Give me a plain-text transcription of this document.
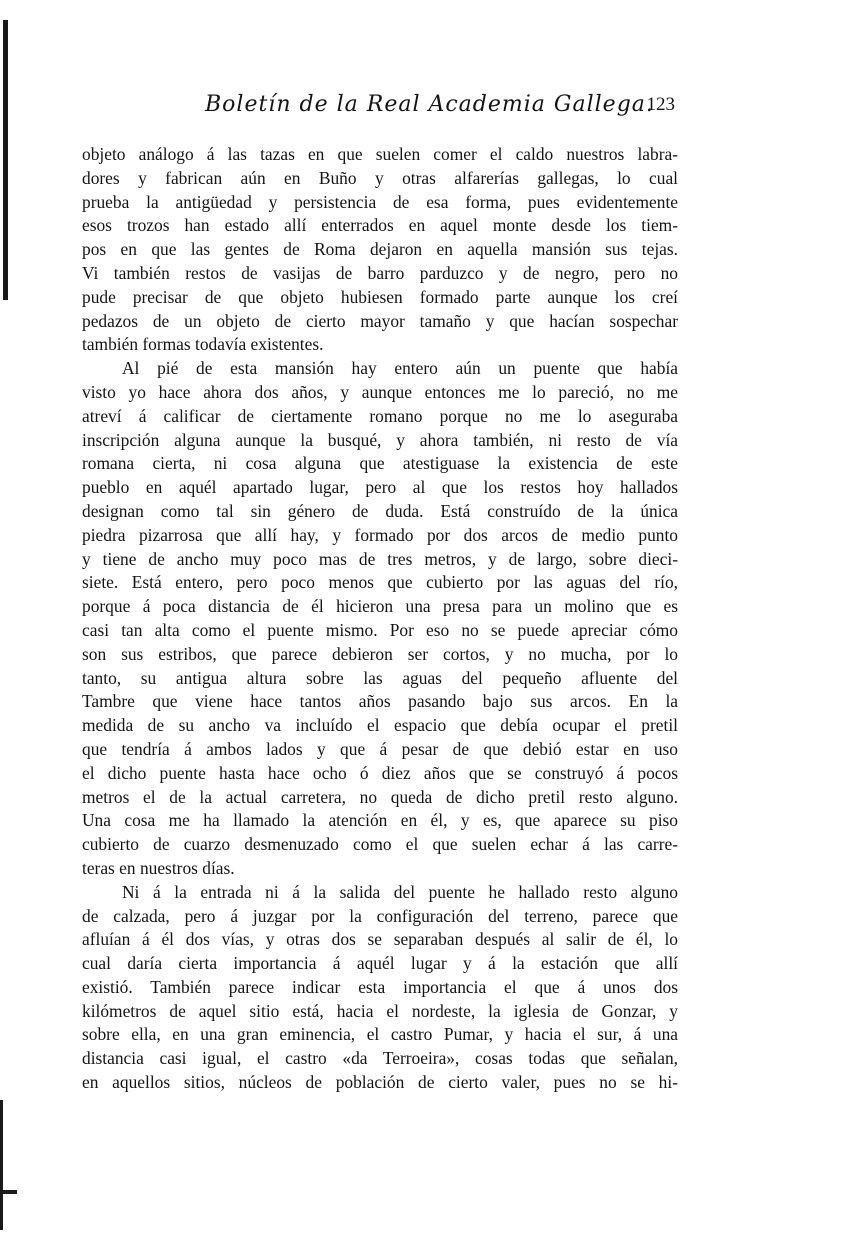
Boletín de la Real Academia Gallega.
123
objeto análogo á las tazas en que suelen comer el caldo nuestros labra-
dores y fabrican aún en Buño y otras alfarerías gallegas, lo cual
prueba la antigüedad y persistencia de esa forma, pues evidentemente
esos trozos han estado allí enterrados en aquel monte desde los tiem-
pos en que las gentes de Roma dejaron en aquella mansión sus tejas.
Vi también restos de vasijas de barro parduzco y de negro, pero no
pude precisar de que objeto hubiesen formado parte aunque los creí
pedazos de un objeto de cierto mayor tamaño y que hacían sospechar
también formas todavía existentes.
Al pié de esta mansión hay entero aún un puente que había
visto yo hace ahora dos años, y aunque entonces me lo pareció, no me
atreví á calificar de ciertamente romano porque no me lo aseguraba
inscripción alguna aunque la busqué, y ahora también, ni resto de vía
romana cierta, ni cosa alguna que atestiguase la existencia de este
pueblo en aquél apartado lugar, pero al que los restos hoy hallados
designan como tal sin género de duda. Está construído de la única
piedra pizarrosa que allí hay, y formado por dos arcos de medio punto
y tiene de ancho muy poco mas de tres metros, y de largo, sobre dieci-
siete. Está entero, pero poco menos que cubierto por las aguas del río,
porque á poca distancia de él hicieron una presa para un molino que es
casi tan alta como el puente mismo. Por eso no se puede apreciar cómo
son sus estribos, que parece debieron ser cortos, y no mucha, por lo
tanto, su antigua altura sobre las aguas del pequeño afluente del
Tambre que viene hace tantos años pasando bajo sus arcos. En la
medida de su ancho va incluído el espacio que debía ocupar el pretil
que tendría á ambos lados y que á pesar de que debió estar en uso
el dicho puente hasta hace ocho ó diez años que se construyó á pocos
metros el de la actual carretera, no queda de dicho pretil resto alguno.
Una cosa me ha llamado la atención en él, y es, que aparece su piso
cubierto de cuarzo desmenuzado como el que suelen echar á las carre-
teras en nuestros días.
Ni á la entrada ni á la salida del puente he hallado resto alguno
de calzada, pero á juzgar por la configuración del terreno, parece que
afluían á él dos vías, y otras dos se separaban después al salir de él, lo
cual daría cierta importancia á aquél lugar y á la estación que allí
existió. También parece indicar esta importancia el que á unos dos
kilómetros de aquel sitio está, hacia el nordeste, la iglesia de Gonzar, y
sobre ella, en una gran eminencia, el castro Pumar, y hacia el sur, á una
distancia casi igual, el castro «da Terroeira», cosas todas que señalan,
en aquellos sitios, núcleos de población de cierto valer, pues no se hi-
